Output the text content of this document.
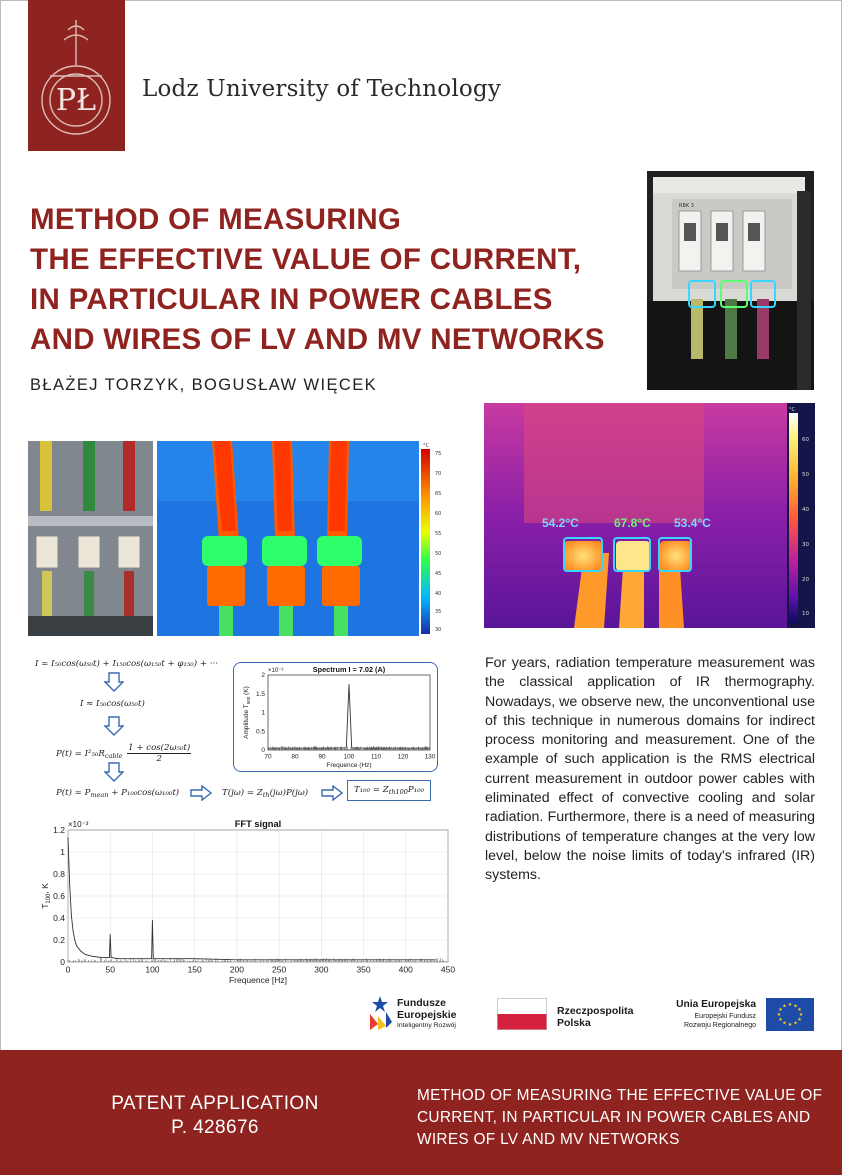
PŁ Lodz University of Technology
METHOD OF MEASURING
THE EFFECTIVE VALUE OF CURRENT,
IN PARTICULAR IN POWER CABLES
AND WIRES OF LV AND MV NETWORKS
BŁAŻEJ TORZYK, BOGUSŁAW WIĘCEK
RBK 3
54.2°C	67.8°C 53.4°C
°C
60
50
40
30
20
10
°C
75
70
65
60
55
50
45
40
35
30
I = I₅₀cos(ω₅₀t) + I₁₅₀cos(ω₁₅₀t + φ₁₅₀) + ···
I ≈ I₅₀cos(ω₅₀t)
$P(t) = I^2_{50}R_{cable} \frac{\text{1 + cos(2ω₅₀t)}}{2}$
$P(t) = P_{mean} + P_{100}\cos(\omega_{100}t)$	$T(j\omega) = Z_{th}(j\omega)P(j\omega)$	$T_{100} = Z_{th100}P_{100}$
70	80	90	100	110	120 130
0
0.5
1
1.5
2
Spectrum I = 7.02 (A)
×10⁻³
Frequence (Hz)
Amplitude $T_{500}$ (K)
0	50	100	150	200	250	300	350	400	450
0
0.2
0.4
0.6
0.8
1
1.2
FFT signal
×10⁻³
Frequence [Hz]
$T_{100}$, K
For years, radiation temperature measurement was the classical application of IR thermography. Nowadays, we observe new, the unconventional use of this technique in numerous domains for indirect process monitoring and measurement. One of the example of such application is the RMS electrical current measurement in outdoor power cables with eliminated effect of convective cooling and solar radiation. Furthermore, there is a need of measuring distributions of temperature changes at the very low level, below the noise limits of today's infrared (IR) systems.
Fundusze
Europejskie
Inteligentny Rozwój
Rzeczpospolita
Polska
Unia Europejska
Europejski Fundusz
Rozwoju Regionalnego
★ ★
★
★
★
★
★
★
★
★
★
★
PATENT APPLICATION
P. 428676
METHOD OF MEASURING THE EFFECTIVE VALUE OF CURRENT, IN PARTICULAR IN POWER CABLES AND WIRES OF LV AND MV NETWORKS
